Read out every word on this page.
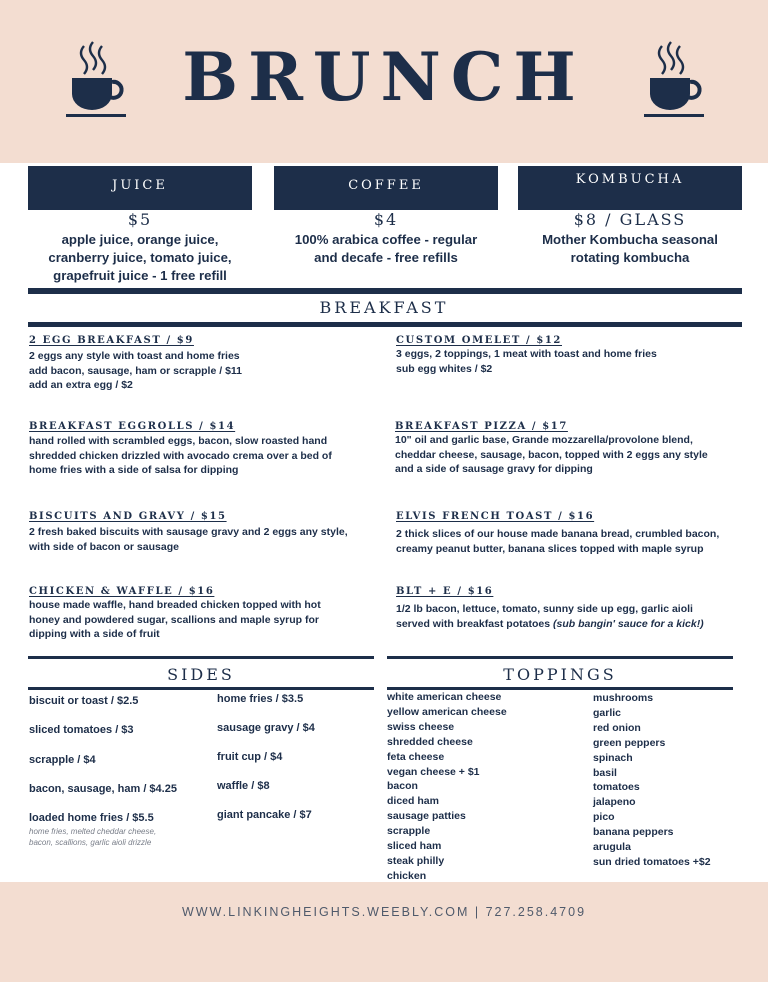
BRUNCH
JUICE	COFFEE	KOMBUCHA
$5	$4	$8 / GLASS
apple juice, orange juice,
cranberry juice, tomato juice,
grapefruit juice - 1 free refill
100% arabica coffee - regular
and decafe - free refills
Mother Kombucha seasonal
rotating kombucha
BREAKFAST
2 EGG BREAKFAST / $9
2 eggs any style with toast and home fries
add bacon, sausage, ham or scrapple / $11
add an extra egg / $2
CUSTOM OMELET / $12
3 eggs, 2 toppings, 1 meat with toast and home fries
sub egg whites / $2
BREAKFAST EGGROLLS / $14
hand rolled with scrambled eggs, bacon, slow roasted hand
shredded chicken drizzled with avocado crema over a bed of
home fries with a side of salsa for dipping
BREAKFAST PIZZA / $17
10" oil and garlic base, Grande mozzarella/provolone blend,
cheddar cheese, sausage, bacon, topped with 2 eggs any style
and a side of sausage gravy for dipping
BISCUITS AND GRAVY / $15
2 fresh baked biscuits with sausage gravy and 2 eggs any style,
with side of bacon or sausage
ELVIS FRENCH TOAST / $16
2 thick slices of our house made banana bread, crumbled bacon,
creamy peanut butter, banana slices topped with maple syrup
CHICKEN & WAFFLE / $16
house made waffle, hand breaded chicken topped with hot
honey and powdered sugar, scallions and maple syrup for
dipping with a side of fruit
BLT + E / $16
1/2 lb bacon, lettuce, tomato, sunny side up egg, garlic aioli
served with breakfast potatoes (sub bangin' sauce for a kick!)
SIDES
biscuit or toast / $2.5
sliced tomatoes / $3
scrapple / $4
bacon, sausage, ham / $4.25
loaded home fries / $5.5
home fries, melted cheddar cheese,
bacon, scallions, garlic aioli drizzle
home fries / $3.5
sausage gravy / $4
fruit cup / $4
waffle / $8
giant pancake / $7
TOPPINGS
white american cheese
yellow american cheese
swiss cheese
shredded cheese
feta cheese
vegan cheese + $1
bacon
diced ham
sausage patties
scrapple
sliced ham
steak philly
chicken
mushrooms
garlic
red onion
green peppers
spinach
basil
tomatoes
jalapeno
pico
banana peppers
arugula
sun dried tomatoes +$2
WWW.LINKINGHEIGHTS.WEEBLY.COM | 727.258.4709
